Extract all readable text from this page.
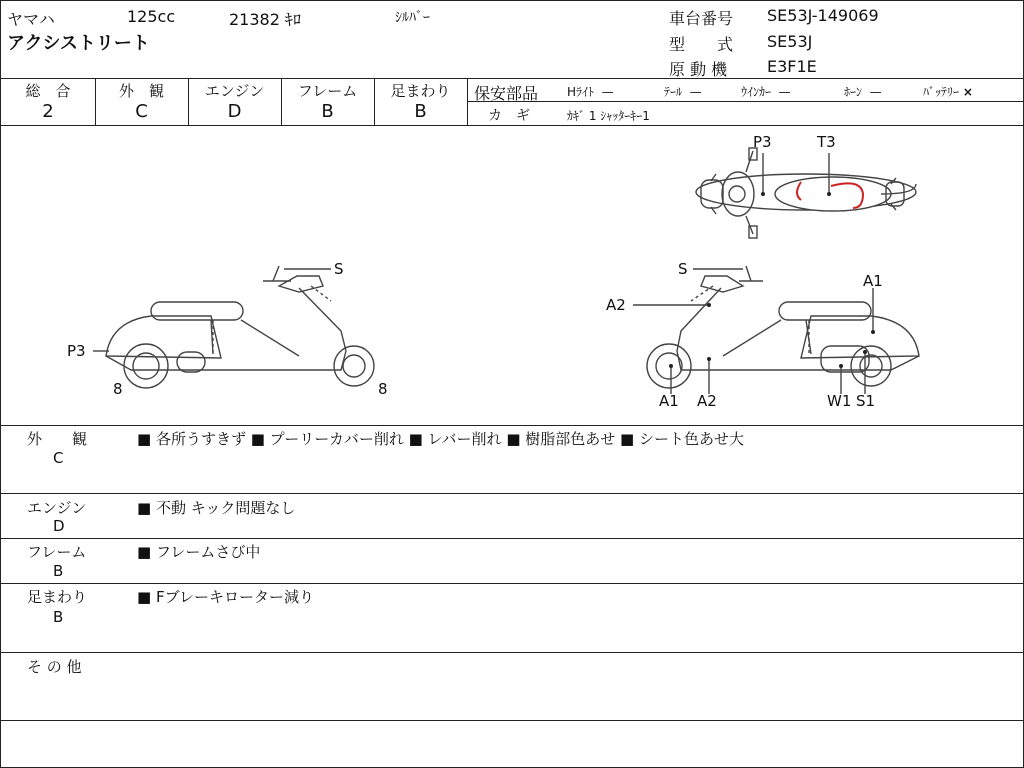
ヤマハ	125cc	21382 ｷﾛ	ｼﾙﾊﾞｰ
アクシストリート
車台番号 SE53J-149069
型　　式 SE53J
原 動 機 E3F1E
総　合
2
外　観
C
エンジン
D
フレーム
B
足まわり
B
保安部品 Hﾗｲﾄ —	ﾃｰﾙ —	ｳｲﾝｶｰ —	ﾎｰﾝ —	ﾊﾞｯﾃﾘｰ ×
カ　ギ	ｶｷﾞ 1 ｼｬｯﾀｰｷｰ1
P3	T3
S
P3
8	8
S
A1
A2
A1 A2	W1 S1
外　　観
C
■ 各所うすきず ■ プーリーカバー削れ ■ レバー削れ ■ 樹脂部色あせ ■ シート色あせ大
エンジン
D
■ 不動 キック問題なし
フレーム
B
■ フレームさび中
足まわり
B
■ Fブレーキローター減り
そ の 他
